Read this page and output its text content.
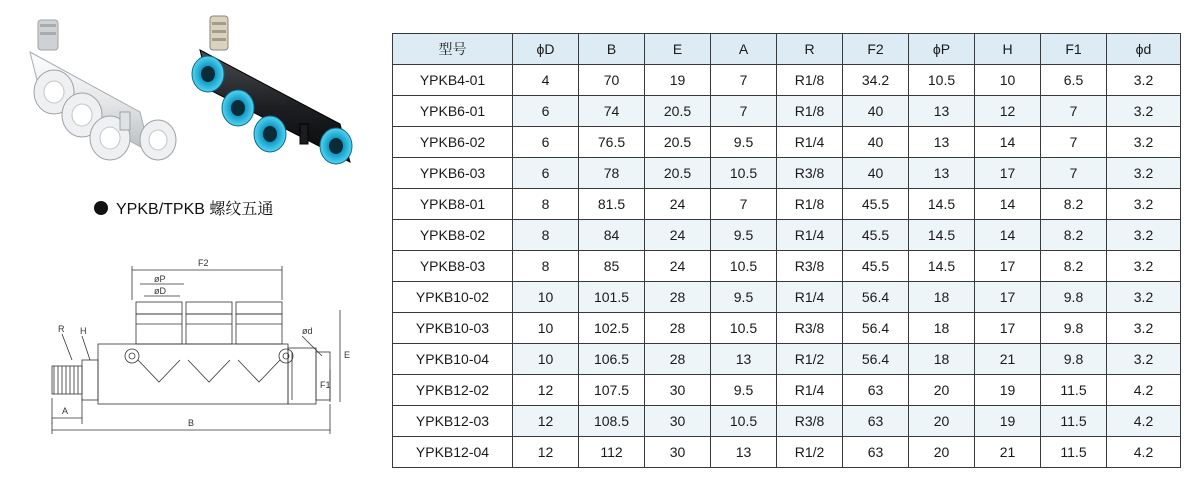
YPKB/TPKB 螺纹五通
F2
øP
øD
R H	ød
E
F1
A
B
型号	ϕD	B	E	A	R	F2	ϕP	H	F1	ϕd
YPKB4-01	4	70	19	7	R1/8	34.2	10.5	10	6.5	3.2
YPKB6-01	6	74	20.5	7	R1/8	40	13	12	7	3.2
YPKB6-02	6	76.5	20.5	9.5	R1/4	40	13	14	7	3.2
YPKB6-03	6	78	20.5	10.5	R3/8	40	13	17	7	3.2
YPKB8-01	8	81.5	24	7	R1/8	45.5	14.5	14	8.2	3.2
YPKB8-02	8	84	24	9.5	R1/4	45.5	14.5	14	8.2	3.2
YPKB8-03	8	85	24	10.5	R3/8	45.5	14.5	17	8.2	3.2
YPKB10-02	10	101.5	28	9.5	R1/4	56.4	18	17	9.8	3.2
YPKB10-03	10	102.5	28	10.5	R3/8	56.4	18	17	9.8	3.2
YPKB10-04	10	106.5	28	13	R1/2	56.4	18	21	9.8	3.2
YPKB12-02	12	107.5	30	9.5	R1/4	63	20	19	11.5	4.2
YPKB12-03	12	108.5	30	10.5	R3/8	63	20	19	11.5	4.2
YPKB12-04	12	112	30	13	R1/2	63	20	21	11.5	4.2
